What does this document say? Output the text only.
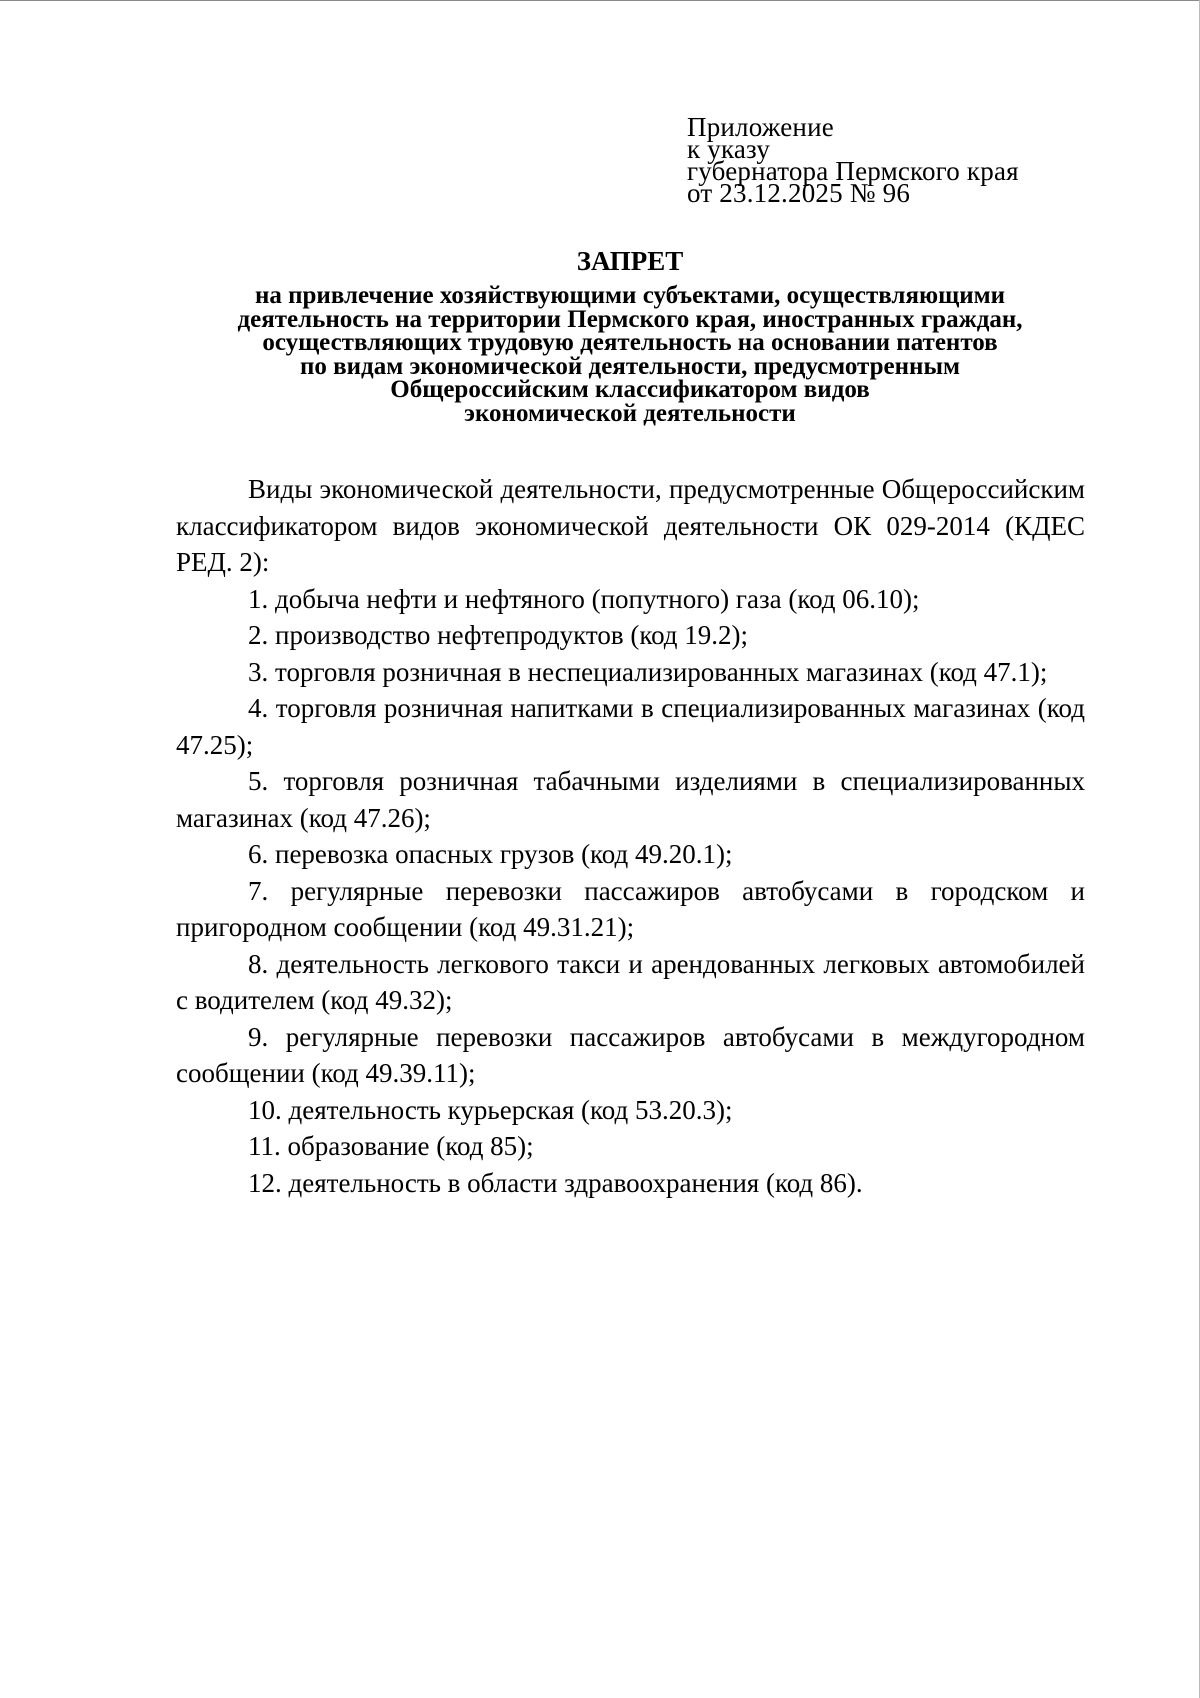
Приложение
к указу
губернатора Пермского края
от 23.12.2025 № 96
ЗАПРЕТ
на привлечение хозяйствующими субъектами, осуществляющими
деятельность на территории Пермского края, иностранных граждан,
осуществляющих трудовую деятельность на основании патентов
по видам экономической деятельности, предусмотренным
Общероссийским классификатором видов
экономической деятельности

Виды экономической деятельности, предусмотренные Общероссийским классификатором видов экономической деятельности ОК 029-2014 (КДЕС РЕД. 2):

1. добыча нефти и нефтяного (попутного) газа (код 06.10);

2. производство нефтепродуктов (код 19.2);

3. торговля розничная в неспециализированных магазинах (код 47.1);

4. торговля розничная напитками в специализированных магазинах (код 47.25);

5. торговля розничная табачными изделиями в специализированных магазинах (код 47.26);

6. перевозка опасных грузов (код 49.20.1);

7. регулярные перевозки пассажиров автобусами в городском и пригородном сообщении (код 49.31.21);

8. деятельность легкового такси и арендованных легковых автомобилей с водителем (код 49.32);

9. регулярные перевозки пассажиров автобусами в междугородном сообщении (код 49.39.11);

10. деятельность курьерская (код 53.20.3);

11. образование (код 85);

12. деятельность в области здравоохранения (код 86).
